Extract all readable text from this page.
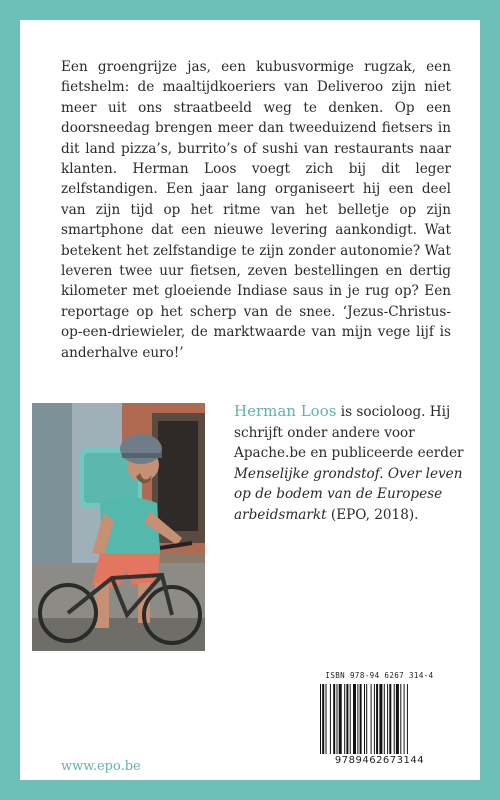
Een groengrijze jas, een kubusvormige rugzak, een fietshelm: de maaltijdkoeriers van Deliveroo zijn niet meer uit ons straatbeeld weg te denken. Op een doorsneedag brengen meer dan tweeduizend fietsers in dit land pizza’s, burrito’s of sushi van restaurants naar klanten. Herman Loos voegt zich bij dit leger zelfstandigen. Een jaar lang organiseert hij een deel van zijn tijd op het ritme van het belletje op zijn smartphone dat een nieuwe levering aankondigt. Wat betekent het zelfstandige te zijn zonder autonomie? Wat leveren twee uur fietsen, zeven bestellingen en dertig kilometer met gloeiende Indiase saus in je rug op? Een reportage op het scherp van de snee. ‘Jezus-Christus-op-een-driewieler, de marktwaarde van mijn vege lijf is anderhalve euro!’

Herman Loos is socioloog. Hij schrijft onder andere voor Apache.be en publiceerde eerder Menselijke grondstof. Over leven op de bodem van de Europese arbeidsmarkt (EPO, 2018).

ISBN 978-94 6267 314-4
9789462673144
www.epo.be
